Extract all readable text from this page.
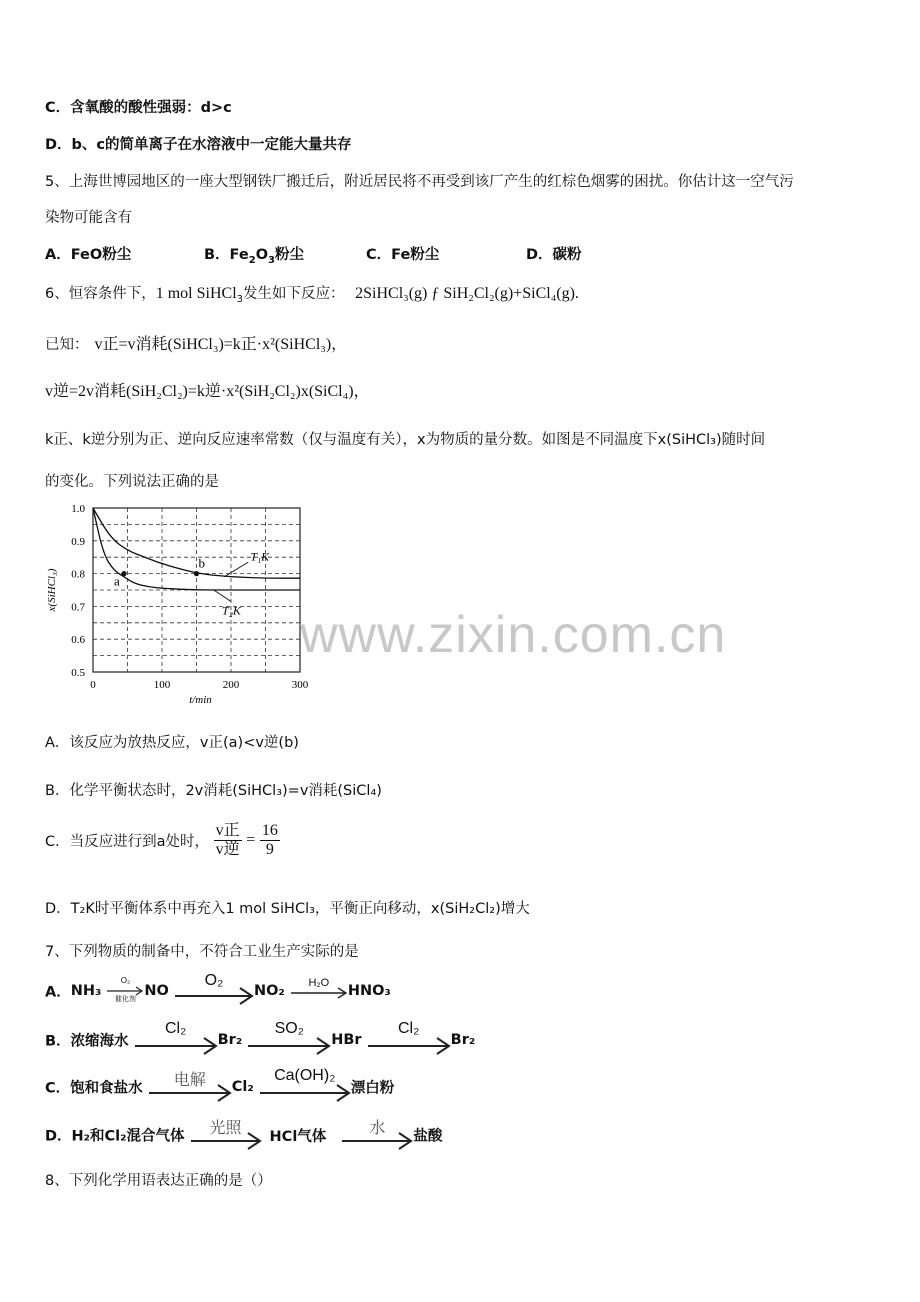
C．含氧酸的酸性强弱：d>c
D．b、c的简单离子在水溶液中一定能大量共存
5、上海世博园地区的一座大型钢铁厂搬迁后，附近居民将不再受到该厂产生的红棕色烟雾的困扰。你估计这一空气污
染物可能含有
A．FeO粉尘	B．$Fe_2O_3$粉尘	C．Fe粉尘	D．碳粉
6、恒容条件下，1 mol SiHCl$_3$发生如下反应： 2SiHCl₃(g) ƒ SiH₂Cl₂(g)+SiCl₄(g).
已知： v正=v消耗(SiHCl₃)=k正·x²(SiHCl₃)，
v逆=2v消耗(SiH₂Cl₂)=k逆·x²(SiH₂Cl₂)x(SiCl₄)，
k正、k逆分别为正、逆向反应速率常数（仅与温度有关），x为物质的量分数。如图是不同温度下x(SiHCl₃)随时间
的变化。下列说法正确的是
1.0
0.9
0.8
0.7
0.6
0.5
0	100	200	300
x(SiHCl₃)
t/min
T₁K
T₂K
a
b
www.zixin.com.cn
A．该反应为放热反应，v正(a)<v逆(b)
B．化学平衡状态时，2v消耗(SiHCl₃)=v消耗(SiCl₄)
C．当反应进行到a处时， $\frac{\text{v正}}{\text{v逆}} = \frac{16}{9}$
D．T₂K时平衡体系中再充入1 mol SiHCl₃，平衡正向移动，x(SiH₂Cl₂)增大
7、下列物质的制备中，不符合工业生产实际的是
A．NH₃
O₂
催化剂
NO
O₂
NO₂	H₂O	HNO₃
B．浓缩海水
Cl₂
Br₂
SO₂
HBr
Cl₂
Br₂
C．饱和食盐水	电解	Cl₂
Ca(OH)₂
漂白粉
D．H₂和Cl₂混合气体	光照	HCl气体	水	盐酸
8、下列化学用语表达正确的是（）
